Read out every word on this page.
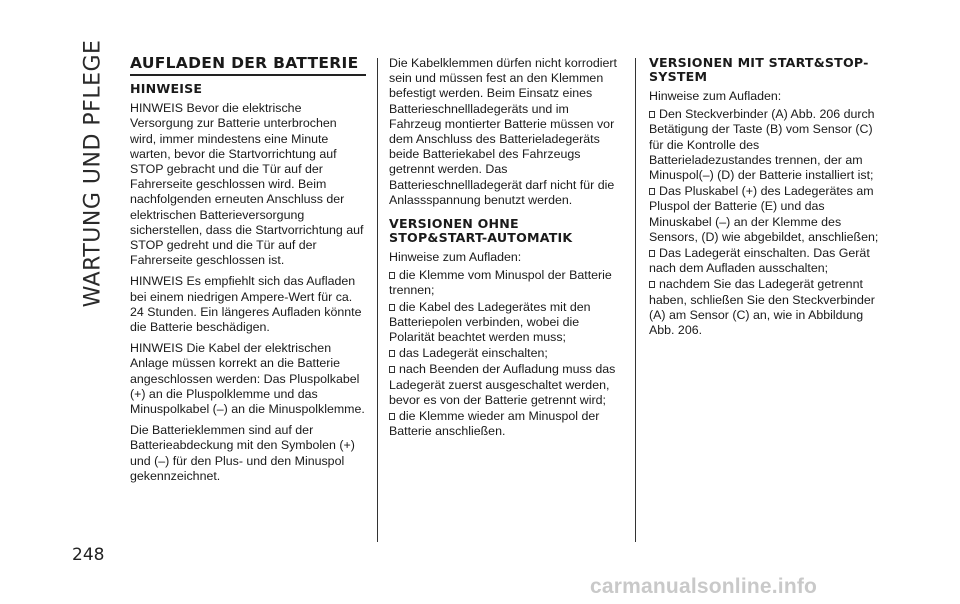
WARTUNG UND PFLEGE AUFLADEN DER BATTERIE
HINWEISE

HINWEIS Bevor die elektrische Versorgung zur Batterie unterbrochen wird, immer mindestens eine Minute warten, bevor die Startvorrichtung auf STOP gebracht und die Tür auf der Fahrerseite geschlossen wird. Beim nachfolgenden erneuten Anschluss der elektrischen Batterieversorgung sicherstellen, dass die Startvorrichtung auf STOP gedreht und die Tür auf der Fahrerseite geschlossen ist.

HINWEIS Es empfiehlt sich das Aufladen bei einem niedrigen Ampere-Wert für ca. 24 Stunden. Ein längeres Aufladen könnte die Batterie beschädigen.

HINWEIS Die Kabel der elektrischen Anlage müssen korrekt an die Batterie angeschlossen werden: Das Pluspolkabel (+) an die Pluspolklemme und das Minuspolkabel (–) an die Minuspolklemme.

Die Batterieklemmen sind auf der Batterieabdeckung mit den Symbolen (+) und (–) für den Plus- und den Minuspol gekennzeichnet.

Die Kabelklemmen dürfen nicht korrodiert sein und müssen fest an den Klemmen befestigt werden. Beim Einsatz eines Batterieschnellladegeräts und im Fahrzeug montierter Batterie müssen vor dem Anschluss des Batterieladegeräts beide Batteriekabel des Fahrzeugs getrennt werden. Das Batterieschnellladegerät darf nicht für die Anlassspannung benutzt werden.

VERSIONEN OHNE STOP&START-AUTOMATIK
Hinweise zum Aufladen:
die Klemme vom Minuspol der Batterie trennen;
die Kabel des Ladegerätes mit den Batteriepolen verbinden, wobei die Polarität beachtet werden muss;
das Ladegerät einschalten;
nach Beenden der Aufladung muss das Ladegerät zuerst ausgeschaltet werden, bevor es von der Batterie getrennt wird;
die Klemme wieder am Minuspol der Batterie anschließen.
VERSIONEN MIT START&STOP-SYSTEM
Hinweise zum Aufladen:
Den Steckverbinder (A) Abb. 206 durch Betätigung der Taste (B) vom Sensor (C) für die Kontrolle des Batterieladezustandes trennen, der am Minuspol(–) (D) der Batterie installiert ist;
Das Pluskabel (+) des Ladegerätes am Pluspol der Batterie (E) und das Minuskabel (–) an der Klemme des Sensors, (D) wie abgebildet, anschließen;
Das Ladegerät einschalten. Das Gerät nach dem Aufladen ausschalten;
nachdem Sie das Ladegerät getrennt haben, schließen Sie den Steckverbinder (A) am Sensor (C) an, wie in Abbildung Abb. 206.
248
carmanualsonline.info
